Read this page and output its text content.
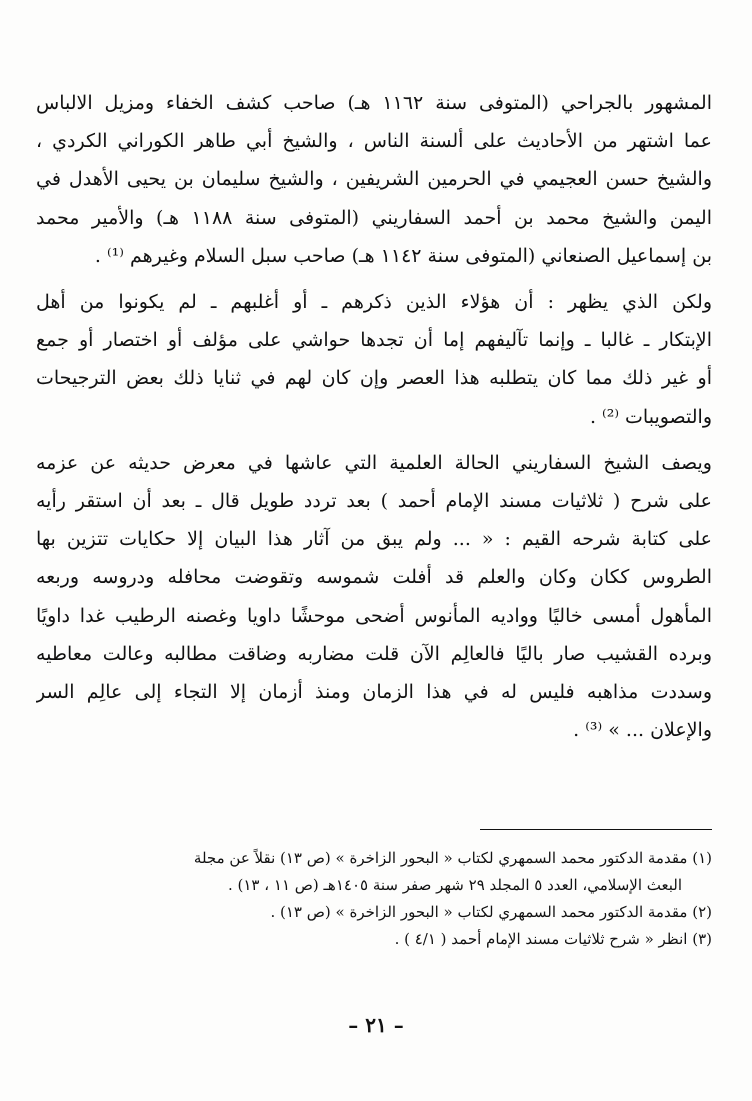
المشهور بالجراحي (المتوفى سنة ١١٦٢ هـ) صاحب كشف الخفاء ومزيل الالباس
عما اشتهر من الأحاديث على ألسنة الناس ، والشيخ أبي طاهر الكوراني الكردي ،
والشيخ حسن العجيمي في الحرمين الشريفين ، والشيخ سليمان بن يحيى الأهدل في
اليمن والشيخ محمد بن أحمد السفاريني (المتوفى سنة ١١٨٨ هـ) والأمير محمد
بن إسماعيل الصنعاني (المتوفى سنة ١١٤٢ هـ) صاحب سبل السلام وغيرهم ⁽¹⁾ .
ولكن الذي يظهر : أن هؤلاء الذين ذكرهم ـ أو أغلبهم ـ لم يكونوا من أهل
الإبتكار ـ غالبا ـ وإنما تآليفهم إما أن تجدها حواشي على مؤلف أو اختصار أو جمع
أو غير ذلك مما كان يتطلبه هذا العصر وإن كان لهم في ثنايا ذلك بعض الترجيحات
والتصويبات ⁽²⁾ .
ويصف الشيخ السفاريني الحالة العلمية التي عاشها في معرض حديثه عن عزمه
على شرح ( ثلاثيات مسند الإمام أحمد ) بعد تردد طويل قال ـ بعد أن استقر رأيه
على كتابة شرحه القيم : « ... ولم يبق من آثار هذا البيان إلا حكايات تتزين بها
الطروس ككان وكان والعلم قد أفلت شموسه وتقوضت محافله ودروسه وربعه
المأهول أمسى خاليًا وواديه المأنوس أضحى موحشًا داويا وغصنه الرطيب غدا داويًا
وبرده القشيب صار باليًا فالعالِم الآن قلت مضاربه وضاقت مطالبه وعالت معاطيه
وسددت مذاهبه فليس له في هذا الزمان ومنذ أزمان إلا التجاء إلى عالِم السر
والإعلان ... » ⁽³⁾ .
(١) مقدمة الدكتور محمد السمهري لكتاب « البحور الزاخرة » (ص ١٣) نقلاً عن مجلة
البعث الإسلامي، العدد ٥ المجلد ٢٩ شهر صفر سنة ١٤٠٥هـ (ص ١١ ، ١٣) .
(٢) مقدمة الدكتور محمد السمهري لكتاب « البحور الزاخرة » (ص ١٣) .
(٣) انظر « شرح ثلاثيات مسند الإمام أحمد ( ٤/١ ) .
– ٢١ –
